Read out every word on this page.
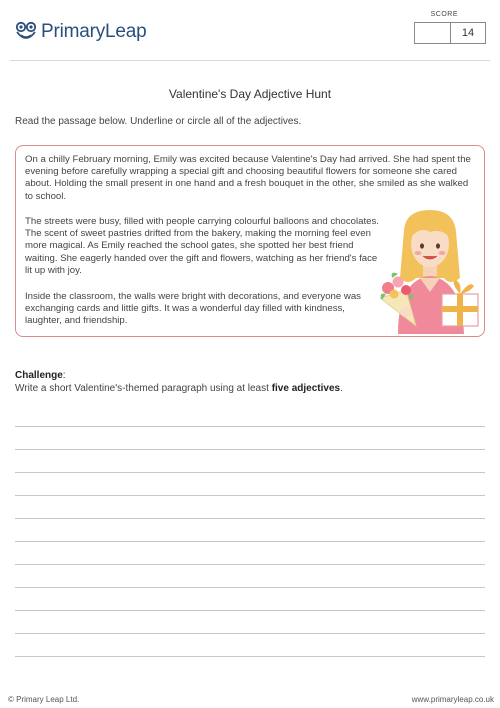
PrimaryLeap
SCORE
14
Valentine's Day Adjective Hunt
Read the passage below. Underline or circle all of the adjectives.

On a chilly February morning, Emily was excited because Valentine's Day had arrived. She had spent the evening before carefully wrapping a special gift and choosing beautiful flowers for someone she cared about. Holding the small present in one hand and a fresh bouquet in the other, she smiled as she walked to school.

The streets were busy, filled with people carrying colourful balloons and chocolates. The scent of sweet pastries drifted from the bakery, making the morning feel even more magical. As Emily reached the school gates, she spotted her best friend waiting. She eagerly handed over the gift and flowers, watching as her friend's face lit up with joy.

Inside the classroom, the walls were bright with decorations, and everyone was exchanging cards and little gifts. It was a wonderful day filled with kindness, laughter, and friendship.

Challenge:
Write a short Valentine's-themed paragraph using at least five adjectives.
© Primary Leap Ltd.	www.primaryleap.co.uk
